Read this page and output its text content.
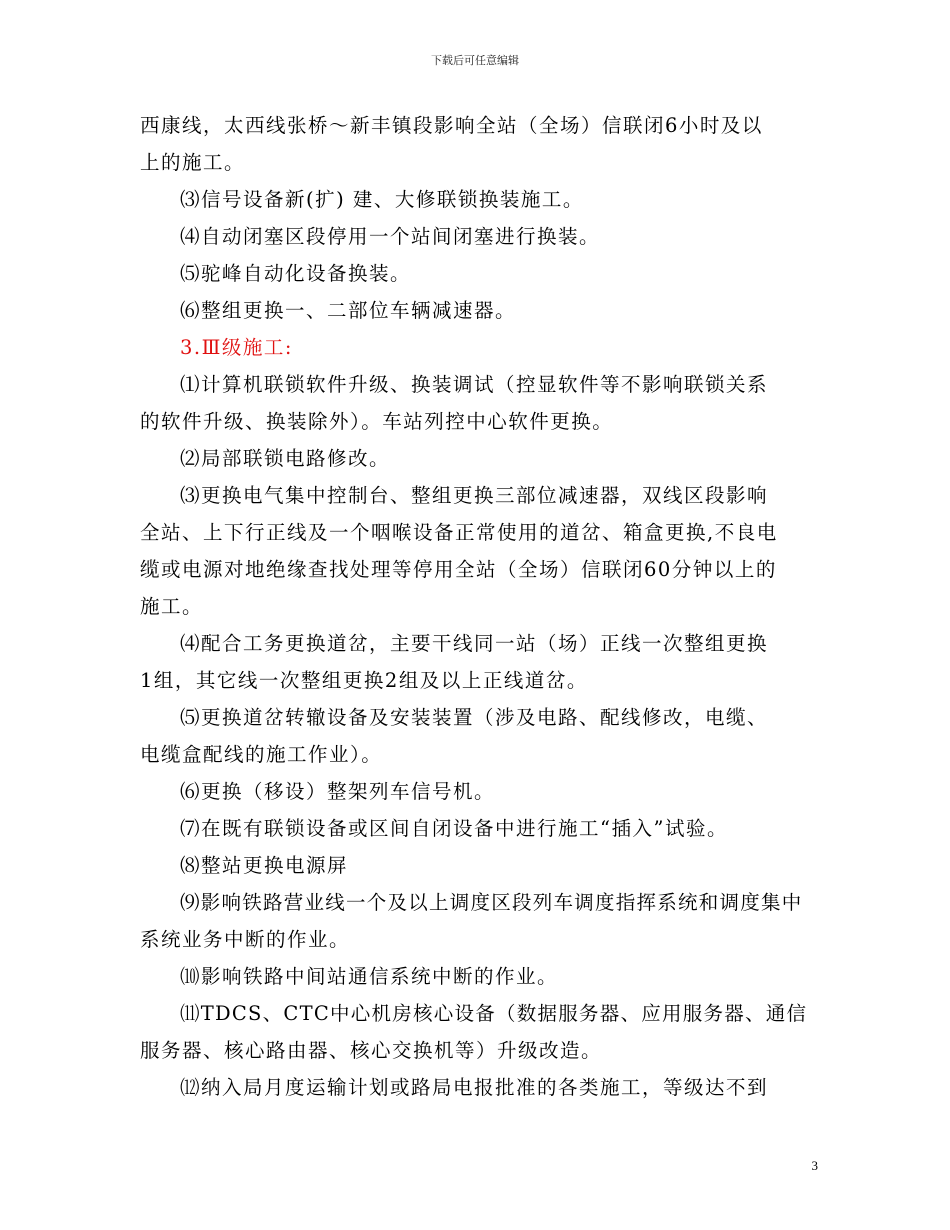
下载后可任意编辑
西康线，太西线张桥～新丰镇段影响全站（全场）信联闭6小时及以
上的施工。
⑶信号设备新(扩) 建、大修联锁换装施工。
⑷自动闭塞区段停用一个站间闭塞进行换装。
⑸驼峰自动化设备换装。
⑹整组更换一、二部位车辆减速器。
3.Ⅲ级施工:
⑴计算机联锁软件升级、换装调试（控显软件等不影响联锁关系
的软件升级、换装除外）。车站列控中心软件更换。
⑵局部联锁电路修改。
⑶更换电气集中控制台、整组更换三部位减速器，双线区段影响
全站、上下行正线及一个咽喉设备正常使用的道岔、箱盒更换,不良电
缆或电源对地绝缘查找处理等停用全站（全场）信联闭60分钟以上的
施工。
⑷配合工务更换道岔，主要干线同一站（场）正线一次整组更换
1组，其它线一次整组更换2组及以上正线道岔。
⑸更换道岔转辙设备及安装装置（涉及电路、配线修改，电缆、
电缆盒配线的施工作业）。
⑹更换（移设）整架列车信号机。
⑺在既有联锁设备或区间自闭设备中进行施工“插入”试验。
⑻整站更换电源屏
⑼影响铁路营业线一个及以上调度区段列车调度指挥系统和调度集中
系统业务中断的作业。
⑽影响铁路中间站通信系统中断的作业。
⑾TDCS、CTC中心机房核心设备（数据服务器、应用服务器、通信
服务器、核心路由器、核心交换机等）升级改造。
⑿纳入局月度运输计划或路局电报批准的各类施工，等级达不到
3
